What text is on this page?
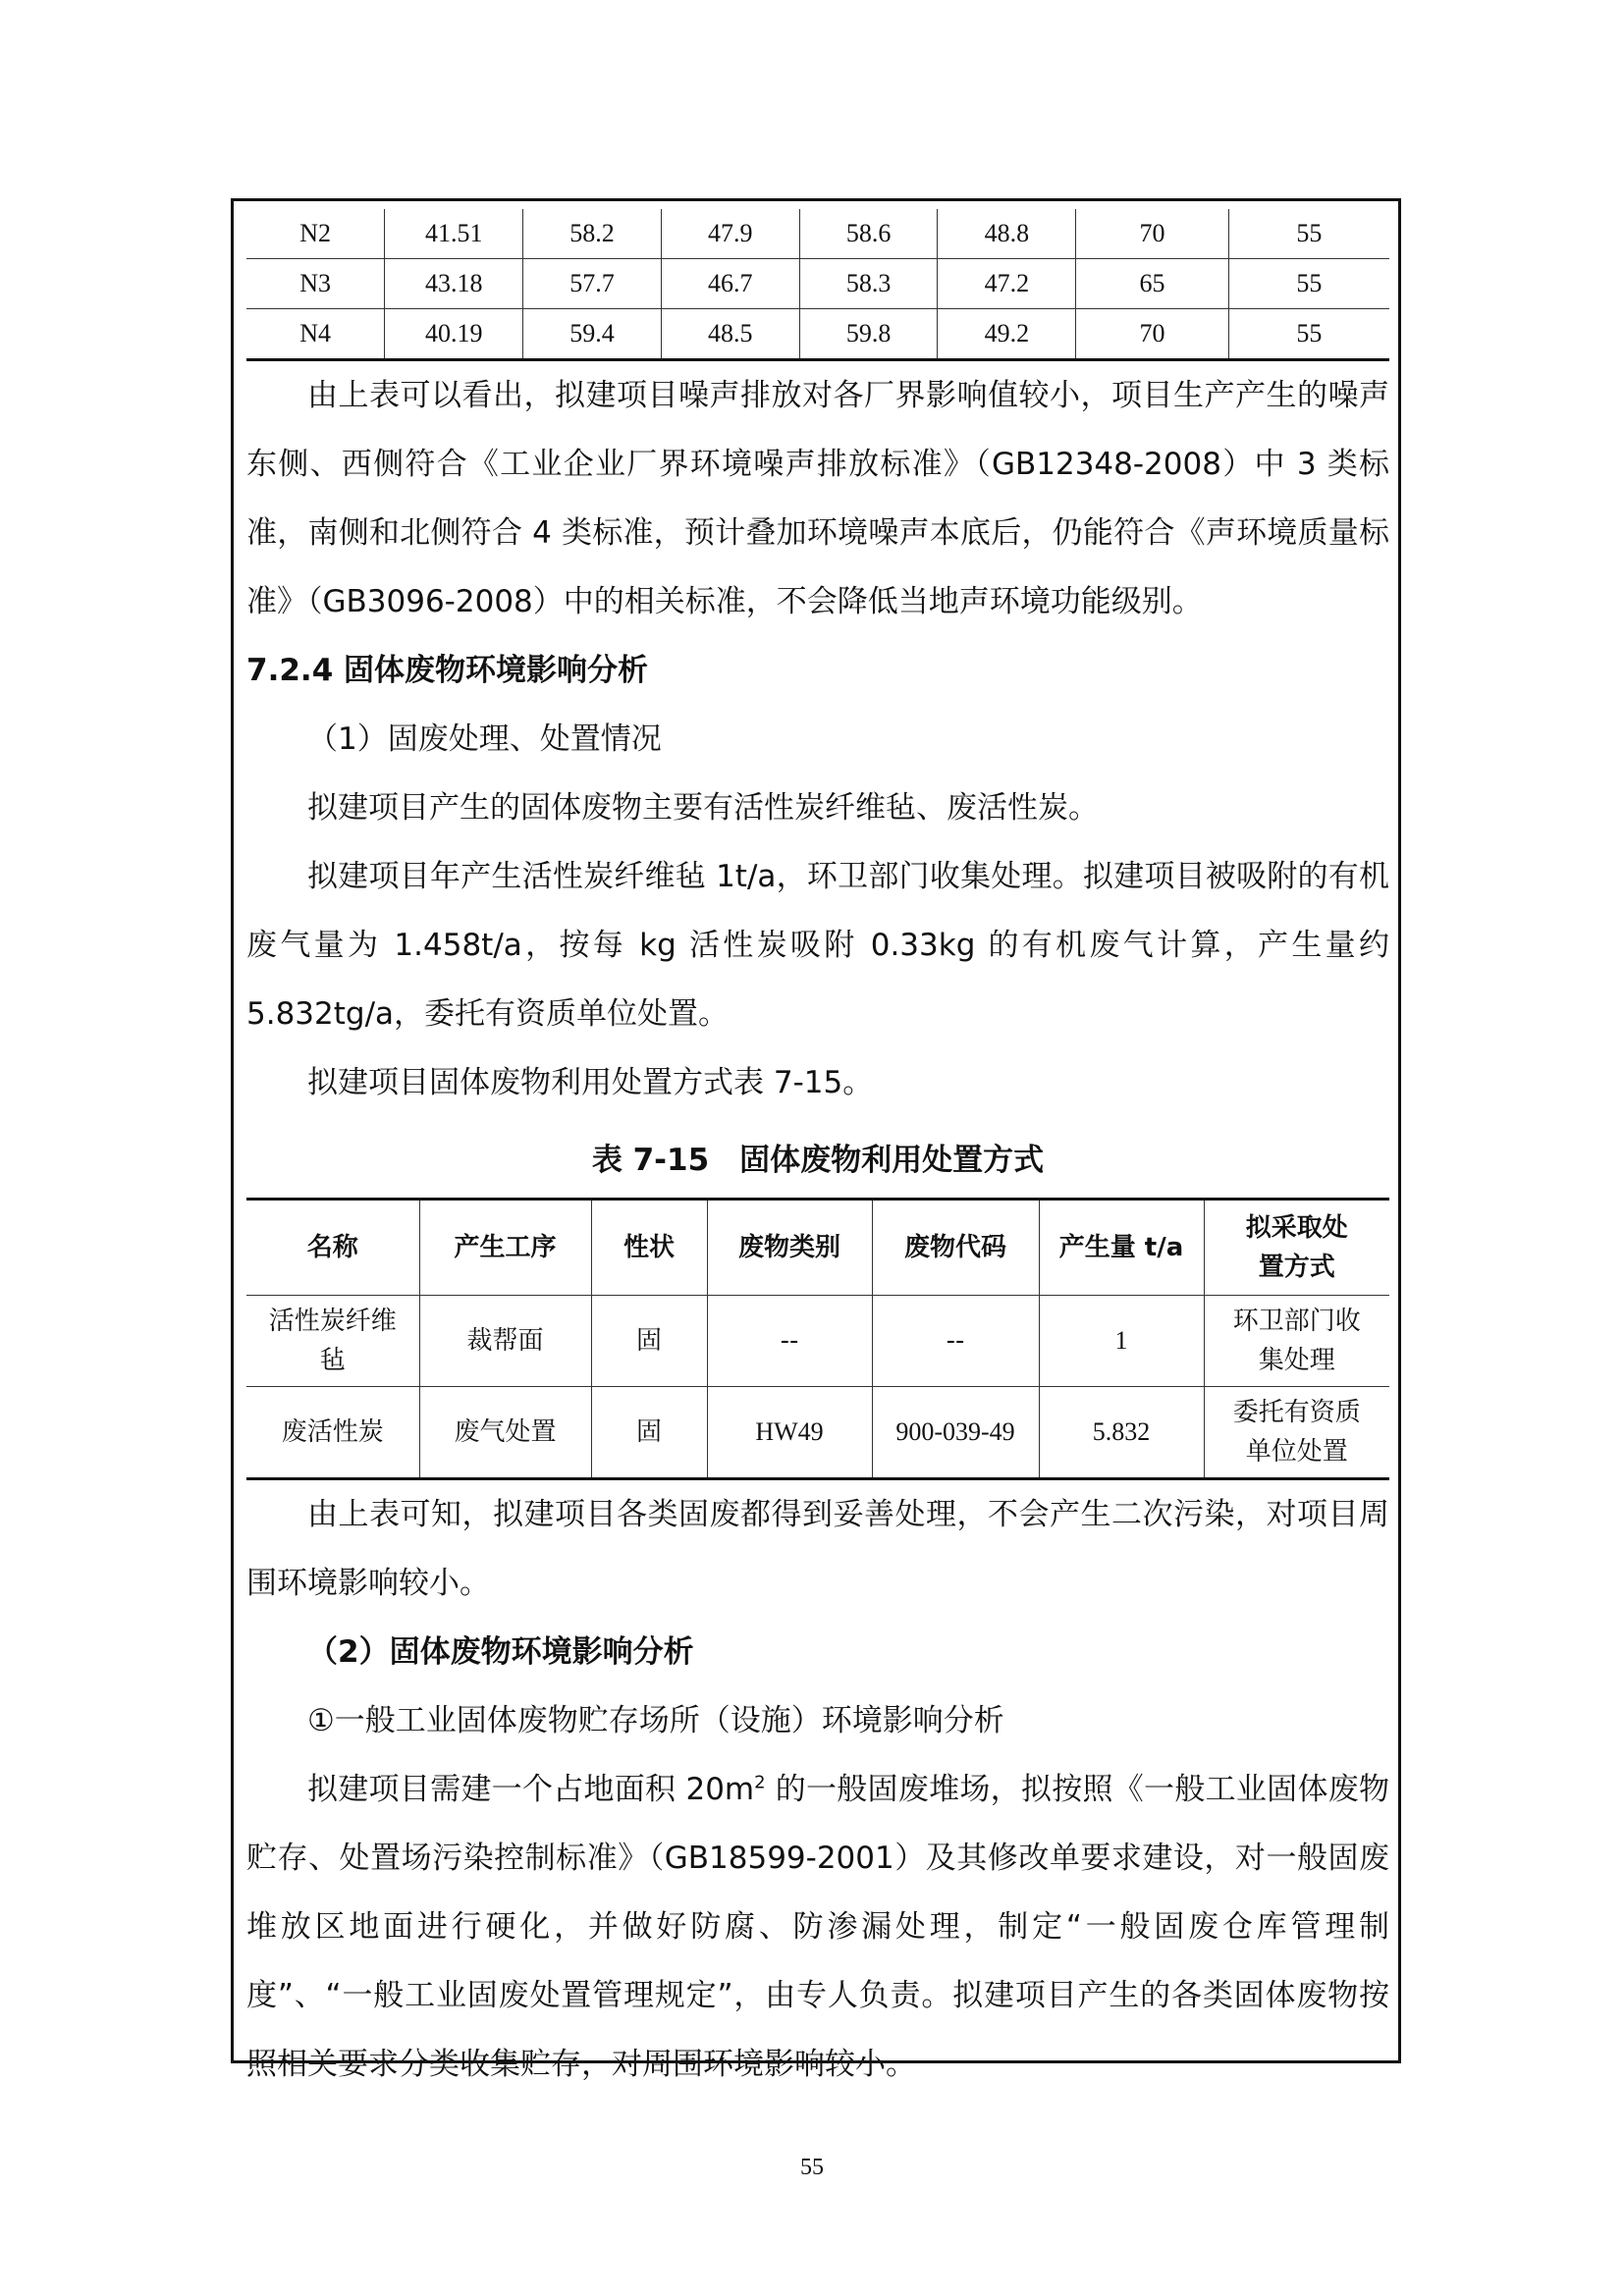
N2	41.51	58.2	47.9	58.6	48.8	70	55
N3	43.18	57.7	46.7	58.3	47.2	65	55
N4	40.19	59.4	48.5	59.8	49.2	70	55

由上表可以看出，拟建项目噪声排放对各厂界影响值较小，项目生产产生的噪声东侧、西侧符合《工业企业厂界环境噪声排放标准》（GB12348-2008）中 3 类标准，南侧和北侧符合 4 类标准，预计叠加环境噪声本底后，仍能符合《声环境质量标准》（GB3096-2008）中的相关标准，不会降低当地声环境功能级别。

7.2.4 固体废物环境影响分析

（1）固废处理、处置情况

拟建项目产生的固体废物主要有活性炭纤维毡、废活性炭。

拟建项目年产生活性炭纤维毡 1t/a，环卫部门收集处理。拟建项目被吸附的有机废气量为 1.458t/a，按每 kg 活性炭吸附 0.33kg 的有机废气计算，产生量约 5.832tg/a，委托有资质单位处置。

拟建项目固体废物利用处置方式表 7-15。

表 7-15　固体废物利用处置方式
名称	产生工序	性状	废物类别	废物代码	产生量 t/a	拟采取处置方式
活性炭纤维毡	裁帮面	固	--	--	1	环卫部门收集处理
废活性炭	废气处置	固	HW49	900-039-49	5.832	委托有资质单位处置

由上表可知，拟建项目各类固废都得到妥善处理，不会产生二次污染，对项目周围环境影响较小。

（2）固体废物环境影响分析

①一般工业固体废物贮存场所（设施）环境影响分析

拟建项目需建一个占地面积 $20m^2$ 的一般固废堆场，拟按照《一般工业固体废物贮存、处置场污染控制标准》（GB18599-2001）及其修改单要求建设，对一般固废堆放区地面进行硬化，并做好防腐、防渗漏处理，制定“一般固废仓库管理制度”、“一般工业固废处置管理规定”，由专人负责。拟建项目产生的各类固体废物按照相关要求分类收集贮存，对周围环境影响较小。

55
